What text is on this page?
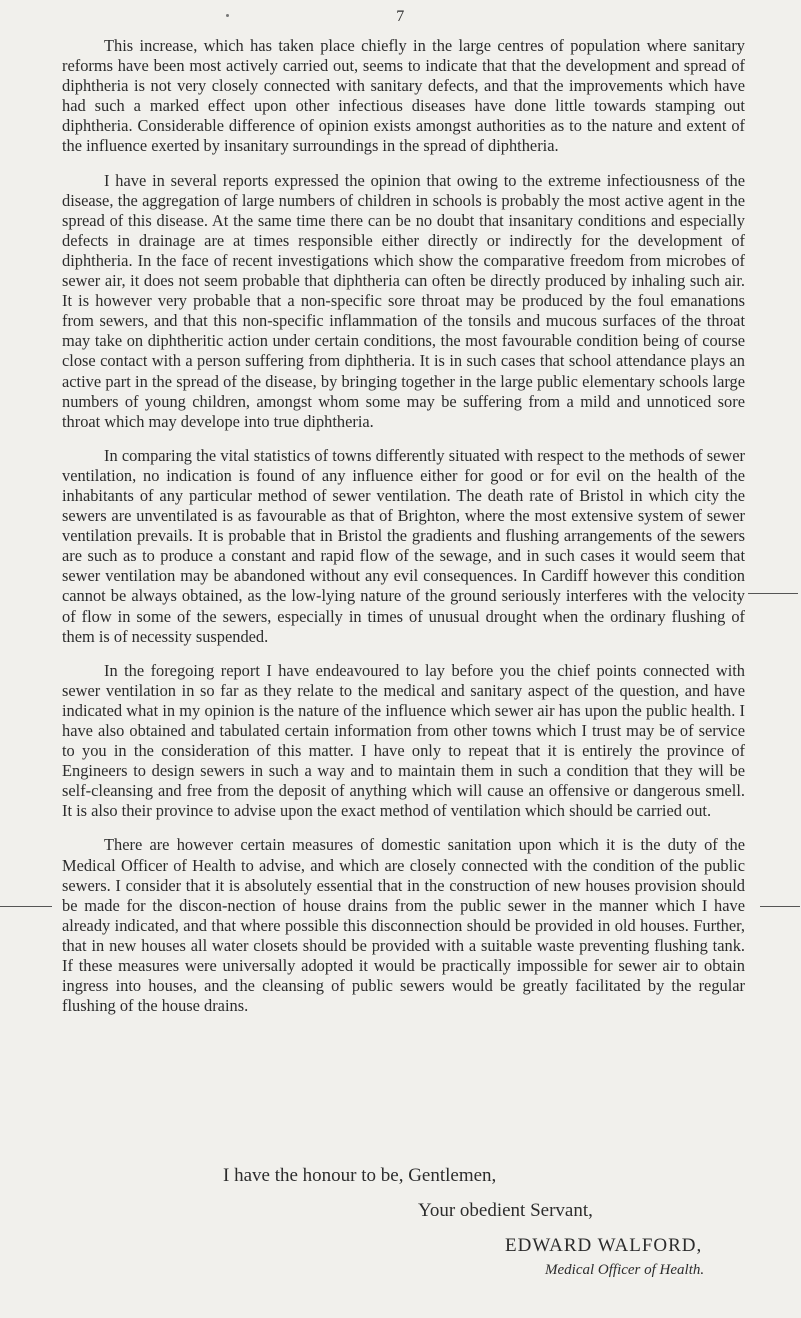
7

This increase, which has taken place chiefly in the large centres of population where sanitary reforms have been most actively carried out, seems to indicate that that the development and spread of diphtheria is not very closely connected with sanitary defects, and that the improvements which have had such a marked effect upon other infectious diseases have done little towards stamping out diphtheria. Considerable difference of opinion exists amongst authorities as to the nature and extent of the influence exerted by insanitary surroundings in the spread of diphtheria.

I have in several reports expressed the opinion that owing to the extreme infectiousness of the disease, the aggregation of large numbers of children in schools is probably the most active agent in the spread of this disease. At the same time there can be no doubt that insanitary conditions and especially defects in drainage are at times responsible either directly or indirectly for the development of diphtheria. In the face of recent investigations which show the comparative freedom from microbes of sewer air, it does not seem probable that diphtheria can often be directly produced by inhaling such air. It is however very probable that a non-specific sore throat may be produced by the foul emanations from sewers, and that this non-specific inflammation of the tonsils and mucous surfaces of the throat may take on diphtheritic action under certain conditions, the most favourable condition being of course close contact with a person suffering from diphtheria. It is in such cases that school attendance plays an active part in the spread of the disease, by bringing together in the large public elementary schools large numbers of young children, amongst whom some may be suffering from a mild and unnoticed sore throat which may develope into true diphtheria.

In comparing the vital statistics of towns differently situated with respect to the methods of sewer ventilation, no indication is found of any influence either for good or for evil on the health of the inhabitants of any particular method of sewer ventilation. The death rate of Bristol in which city the sewers are unventilated is as favourable as that of Brighton, where the most extensive system of sewer ventilation prevails. It is probable that in Bristol the gradients and flushing arrangements of the sewers are such as to produce a constant and rapid flow of the sewage, and in such cases it would seem that sewer ventilation may be abandoned without any evil consequences. In Cardiff however this condition cannot be always obtained, as the low-lying nature of the ground seriously interferes with the velocity of flow in some of the sewers, especially in times of unusual drought when the ordinary flushing of them is of necessity suspended.

In the foregoing report I have endeavoured to lay before you the chief points connected with sewer ventilation in so far as they relate to the medical and sanitary aspect of the question, and have indicated what in my opinion is the nature of the influence which sewer air has upon the public health. I have also obtained and tabulated certain information from other towns which I trust may be of service to you in the consideration of this matter. I have only to repeat that it is entirely the province of Engineers to design sewers in such a way and to maintain them in such a condition that they will be self-cleansing and free from the deposit of anything which will cause an offensive or dangerous smell. It is also their province to advise upon the exact method of ventilation which should be carried out.

There are however certain measures of domestic sanitation upon which it is the duty of the Medical Officer of Health to advise, and which are closely connected with the condition of the public sewers. I consider that it is absolutely essential that in the construction of new houses provision should be made for the discon-nection of house drains from the public sewer in the manner which I have already indicated, and that where possible this disconnection should be provided in old houses. Further, that in new houses all water closets should be provided with a suitable waste preventing flushing tank. If these measures were universally adopted it would be practically impossible for sewer air to obtain ingress into houses, and the cleansing of public sewers would be greatly facilitated by the regular flushing of the house drains.

I have the honour to be, Gentlemen,
Your obedient Servant,
EDWARD WALFORD,
Medical Officer of Health.
